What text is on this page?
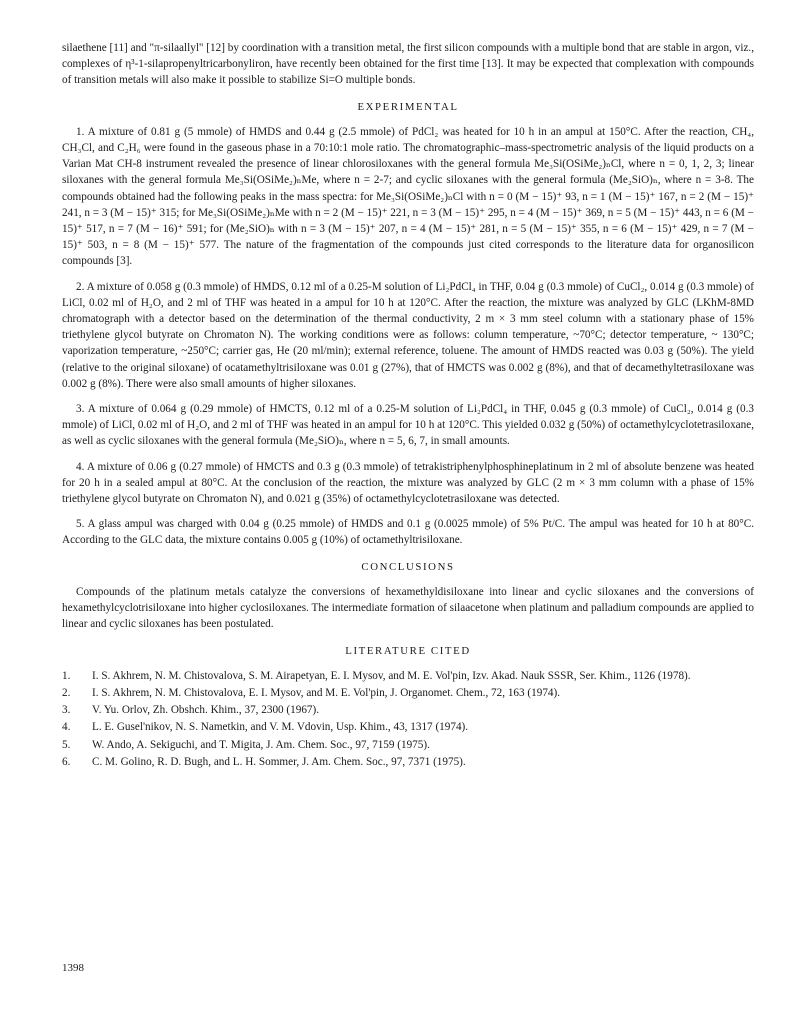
silaethene [11] and "π-silaallyl" [12] by coordination with a transition metal, the first silicon compounds with a multiple bond that are stable in argon, viz., complexes of η³-1-silapropenyltricarbonyliron, have recently been obtained for the first time [13]. It may be expected that complexation with compounds of transition metals will also make it possible to stabilize Si=O multiple bonds.

EXPERIMENTAL

1. A mixture of 0.81 g (5 mmole) of HMDS and 0.44 g (2.5 mmole) of PdCl₂ was heated for 10 h in an ampul at 150°C. After the reaction, CH₄, CH₃Cl, and C₂H₆ were found in the gaseous phase in a 70:10:1 mole ratio. The chromatographic–mass-spectrometric analysis of the liquid products on a Varian Mat CH-8 instrument revealed the presence of linear chlorosiloxanes with the general formula Me₃Si(OSiMe₂)ₙCl, where n = 0, 1, 2, 3; linear siloxanes with the general formula Me₃Si(OSiMe₂)ₙMe, where n = 2-7; and cyclic siloxanes with the general formula (Me₂SiO)ₙ, where n = 3-8. The compounds obtained had the following peaks in the mass spectra: for Me₃Si(OSiMe₂)ₙCl with n = 0 (M − 15)⁺ 93, n = 1 (M − 15)⁺ 167, n = 2 (M − 15)⁺ 241, n = 3 (M − 15)⁺ 315; for Me₃Si(OSiMe₂)ₙMe with n = 2 (M − 15)⁺ 221, n = 3 (M − 15)⁺ 295, n = 4 (M − 15)⁺ 369, n = 5 (M − 15)⁺ 443, n = 6 (M − 15)⁺ 517, n = 7 (M − 16)⁺ 591; for (Me₂SiO)ₙ with n = 3 (M − 15)⁺ 207, n = 4 (M − 15)⁺ 281, n = 5 (M − 15)⁺ 355, n = 6 (M − 15)⁺ 429, n = 7 (M − 15)⁺ 503, n = 8 (M − 15)⁺ 577. The nature of the fragmentation of the compounds just cited corresponds to the literature data for organosilicon compounds [3].

2. A mixture of 0.058 g (0.3 mmole) of HMDS, 0.12 ml of a 0.25-M solution of Li₂PdCl₄ in THF, 0.04 g (0.3 mmole) of CuCl₂, 0.014 g (0.3 mmole) of LiCl, 0.02 ml of H₂O, and 2 ml of THF was heated in a ampul for 10 h at 120°C. After the reaction, the mixture was analyzed by GLC (LKhM-8MD chromatograph with a detector based on the determination of the thermal conductivity, 2 m × 3 mm steel column with a stationary phase of 15% triethylene glycol butyrate on Chromaton N). The working conditions were as follows: column temperature, ~70°C; detector temperature, ~ 130°C; vaporization temperature, ~250°C; carrier gas, He (20 ml/min); external reference, toluene. The amount of HMDS reacted was 0.03 g (50%). The yield (relative to the original siloxane) of ocatamethyltrisiloxane was 0.01 g (27%), that of HMCTS was 0.002 g (8%), and that of decamethyltetrasiloxane was 0.002 g (8%). There were also small amounts of higher siloxanes.

3. A mixture of 0.064 g (0.29 mmole) of HMCTS, 0.12 ml of a 0.25-M solution of Li₂PdCl₄ in THF, 0.045 g (0.3 mmole) of CuCl₂, 0.014 g (0.3 mmole) of LiCl, 0.02 ml of H₂O, and 2 ml of THF was heated in an ampul for 10 h at 120°C. This yielded 0.032 g (50%) of octamethylcyclotetrasiloxane, as well as cyclic siloxanes with the general formula (Me₂SiO)ₙ, where n = 5, 6, 7, in small amounts.

4. A mixture of 0.06 g (0.27 mmole) of HMCTS and 0.3 g (0.3 mmole) of tetrakistriphenylphosphineplatinum in 2 ml of absolute benzene was heated for 20 h in a sealed ampul at 80°C. At the conclusion of the reaction, the mixture was analyzed by GLC (2 m × 3 mm column with a phase of 15% triethylene glycol butyrate on Chromaton N), and 0.021 g (35%) of octamethylcyclotetrasiloxane was detected.

5. A glass ampul was charged with 0.04 g (0.25 mmole) of HMDS and 0.1 g (0.0025 mmole) of 5% Pt/C. The ampul was heated for 10 h at 80°C. According to the GLC data, the mixture contains 0.005 g (10%) of octamethyltrisiloxane.

CONCLUSIONS

Compounds of the platinum metals catalyze the conversions of hexamethyldisiloxane into linear and cyclic siloxanes and the conversions of hexamethylcyclotrisiloxane into higher cyclosiloxanes. The intermediate formation of silaacetone when platinum and palladium compounds are applied to linear and cyclic siloxanes has been postulated.

LITERATURE CITED
1.	I. S. Akhrem, N. M. Chistovalova, S. M. Airapetyan, E. I. Mysov, and M. E. Vol'pin, Izv. Akad. Nauk SSSR, Ser. Khim., 1126 (1978).
2.	I. S. Akhrem, N. M. Chistovalova, E. I. Mysov, and M. E. Vol'pin, J. Organomet. Chem., 72, 163 (1974).
3.	V. Yu. Orlov, Zh. Obshch. Khim., 37, 2300 (1967).
4.	L. E. Gusel'nikov, N. S. Nametkin, and V. M. Vdovin, Usp. Khim., 43, 1317 (1974).
5.	W. Ando, A. Sekiguchi, and T. Migita, J. Am. Chem. Soc., 97, 7159 (1975).
6.	C. M. Golino, R. D. Bugh, and L. H. Sommer, J. Am. Chem. Soc., 97, 7371 (1975).
1398
